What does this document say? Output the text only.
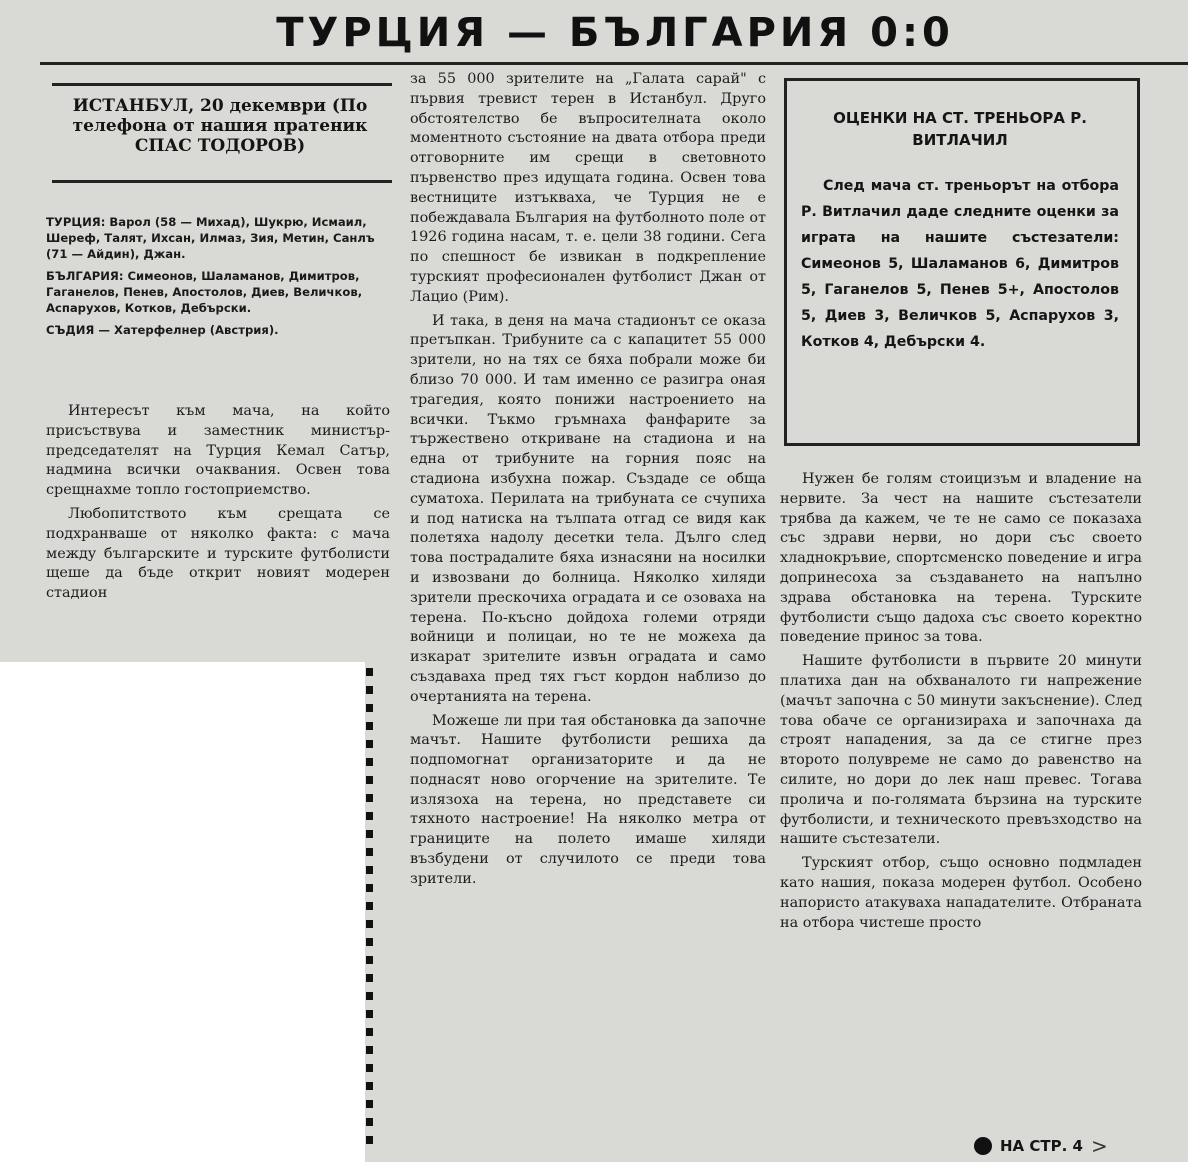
ТУРЦИЯ — БЪЛГАРИЯ 0:0
ИСТАНБУЛ, 20 декември (По телефона от нашия пратеник СПАС ТОДОРОВ)

ТУРЦИЯ: Варол (58 — Михад), Шукрю, Исмаил, Шереф, Талят, Ихсан, Илмаз, Зия, Метин, Санлъ (71 — Айдин), Джан.

БЪЛГАРИЯ: Симеонов, Шаламанов, Димитров, Гаганелов, Пенев, Апостолов, Диев, Величков, Аспарухов, Котков, Дебърски.

СЪДИЯ — Хатерфелнер (Австрия).

Интересът към мача, на който присъствува и заместник министър-председателят на Турция Кемал Сатър, надмина всички очаквания. Освен това срещнахме топло гостоприемство.

Любопитството към срещата се подхранваше от няколко факта: с мача между българските и турските футболисти щеше да бъде открит новият модерен стадион

за 55 000 зрителите на „Галата сарай" с първия тревист терен в Истанбул. Друго обстоятелство бе въпросителната около моментното състояние на двата отбора преди отговорните им срещи в световното първенство през идущата година. Освен това вестниците изтъкваха, че Турция не е побеждавала България на футболното поле от 1926 година насам, т. е. цели 38 години. Сега по спешност бе извикан в подкрепление турският професионален футболист Джан от Лацио (Рим).

И така, в деня на мача стадионът се оказа претъпкан. Трибуните са с капацитет 55 000 зрители, но на тях се бяха побрали може би близо 70 000. И там именно се разигра оная трагедия, която понижи настроението на всички. Тъкмо гръмнаха фанфарите за тържествено откриване на стадиона и на една от трибуните на горния пояс на стадиона избухна пожар. Създаде се обща суматоха. Перилата на трибуната се счупиха и под натиска на тълпата отгад се видя как полетяха надолу десетки тела. Дълго след това пострадалите бяха изнасяни на носилки и извозвани до болница. Няколко хиляди зрители прескочиха оградата и се озоваха на терена. По-късно дойдоха големи отряди войници и полицаи, но те не можеха да изкарат зрителите извън оградата и само създаваха пред тях гъст кордон наблизо до очертанията на терена.

Можеше ли при тая обстановка да започне мачът. Нашите футболисти решиха да подпомогнат организаторите и да не поднасят ново огорчение на зрителите. Те излязоха на терена, но представете си тяхното настроение! На няколко метра от границите на полето имаше хиляди възбудени от случилото се преди това зрители.

ОЦЕНКИ НА СТ. ТРЕНЬОРА Р. ВИТЛАЧИЛ
След мача ст. треньорът на отбора Р. Витлачил даде следните оценки за играта на нашите състезатели: Симеонов 5, Шаламанов 6, Димитров 5, Гаганелов 5, Пенев 5+, Апостолов 5, Диев 3, Величков 5, Аспарухов 3, Котков 4, Дебърски 4.

Нужен бе голям стоицизъм и владение на нервите. За чест на нашите състезатели трябва да кажем, че те не само се показаха със здрави нерви, но дори със своето хладнокръвие, спортсменско поведение и игра допринесоха за създаването на напълно здрава обстановка на терена. Турските футболисти също дадоха със своето коректно поведение принос за това.

Нашите футболисти в първите 20 минути платиха дан на обхваналото ги напрежение (мачът започна с 50 минути закъснение). След това обаче се организираха и започнаха да строят нападения, за да се стигне през второто полувреме не само до равенство на силите, но дори до лек наш превес. Тогава пролича и по-голямата бързина на турските футболисти, и техническото превъзходство на нашите състезатели.

Турският отбор, също основно подмладен като нашия, показа модерен футбол. Особено напористо атакуваха нападателите. Отбраната на отбора чистеше просто

НА СТР. 4 >
